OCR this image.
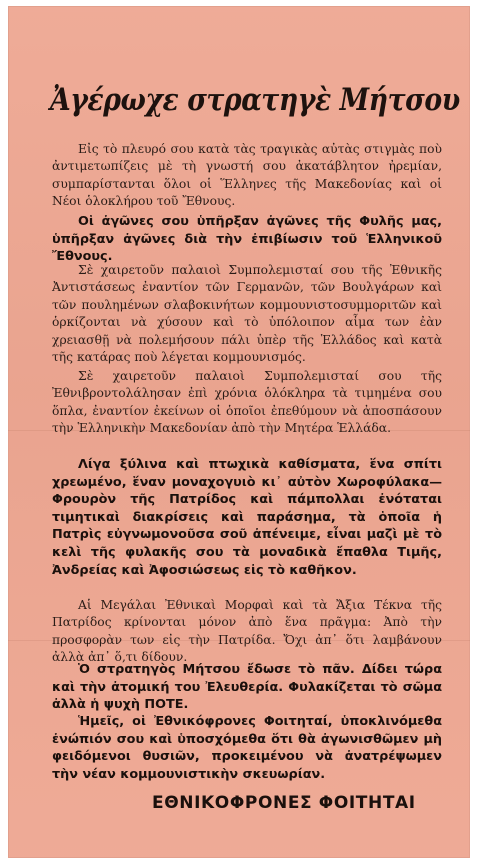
Ἀγέρωχε στρατηγὲ Μήτσου
Εἰς τὸ πλευρό σου κατὰ τὰς τραγικὰς αὐτὰς στιγμὰς ποὺ ἀντιμετωπίζεις μὲ τὴ γνωστή σου ἀκατάβλητον ἠρεμίαν, συμπαρίστανται ὅλοι οἱ Ἕλληνες τῆς Μακεδονίας καὶ οἱ Νέοι ὁλοκλήρου τοῦ Ἔθνους.
Οἱ ἀγῶνες σου ὑπῆρξαν ἀγῶνες τῆς Φυλῆς μας, ὑπῆρξαν ἀγῶνες διὰ τὴν ἐπιβίωσιν τοῦ Ἑλληνικοῦ Ἔθνους.
Σὲ χαιρετοῦν παλαιοὶ Συμπολεμισταί σου τῆς Ἐθνικῆς Ἀντιστάσεως ἐναντίον τῶν Γερμανῶν, τῶν Βουλγάρων καὶ τῶν πουλημένων σλαβοκινήτων κομμουνιστοσυμμοριτῶν καὶ ὁρκίζονται νὰ χύσουν καὶ τὸ ὑπόλοιπον αἷμα των ἐὰν χρειασθῇ νὰ πολεμήσουν πάλι ὑπὲρ τῆς Ἑλλάδος καὶ κατὰ τῆς κατάρας ποὺ λέγεται κομμουνισμός.
Σὲ χαιρετοῦν παλαιοὶ Συμπολεμισταί σου τῆς Ἐθνιβροντολάλησαν ἐπὶ χρόνια ὁλόκληρα τὰ τιμημένα σου ὅπλα, ἐναντίον ἐκείνων οἱ ὁποῖοι ἐπεθύμουν νὰ ἀποσπάσουν τὴν Ἑλληνικὴν Μακεδονίαν ἀπὸ τὴν Μητέρα Ἑλλάδα.
Λίγα ξύλινα καὶ πτωχικὰ καθίσματα, ἕνα σπίτι χρεωμένο, ἕναν μοναχογυιὸ κι᾿ αὐτὸν Χωροφύλακα—Φρουρὸν τῆς Πατρίδος καὶ πάμπολλαι ἐνόταται τιμητικαὶ διακρίσεις καὶ παράσημα, τὰ ὁποῖα ἡ Πατρὶς εὐγνωμονοῦσα σοῦ ἀπένειμε, εἶναι μαζὶ μὲ τὸ κελὶ τῆς φυλακῆς σου τὰ μοναδικὰ ἔπαθλα Τιμῆς, Ἀνδρείας καὶ Ἀφοσιώσεως εἰς τὸ καθῆκον.
Αἱ Μεγάλαι Ἐθνικαὶ Μορφαὶ καὶ τὰ Ἄξια Τέκνα τῆς Πατρίδος κρίνονται μόνον ἀπὸ ἕνα πρᾶγμα: Ἀπὸ τὴν προσφορὰν των εἰς τὴν Πατρίδα. Ὄχι ἀπ᾿ ὅτι λαμβάνουν ἀλλὰ ἀπ᾿ ὅ,τι δίδουν.
Ὁ στρατηγὸς Μήτσου ἔδωσε τὸ πᾶν. Δίδει τώρα καὶ τὴν ἀτομική του Ἐλευθερία. Φυλακίζεται τὸ σῶμα ἀλλὰ ἡ ψυχὴ ΠΟΤΕ.
Ἡμεῖς, οἱ Ἐθνικόφρονες Φοιτηταί, ὑποκλινόμεθα ἐνώπιόν σου καὶ ὑποσχόμεθα ὅτι θὰ ἀγωνισθῶμεν μὴ φειδόμενοι θυσιῶν, προκειμένου νὰ ἀνατρέψωμεν τὴν νέαν κομμουνιστικὴν σκευωρίαν.
ΕΘΝΙΚΟΦΡΟΝΕΣ ΦΟΙΤΗΤΑΙ
